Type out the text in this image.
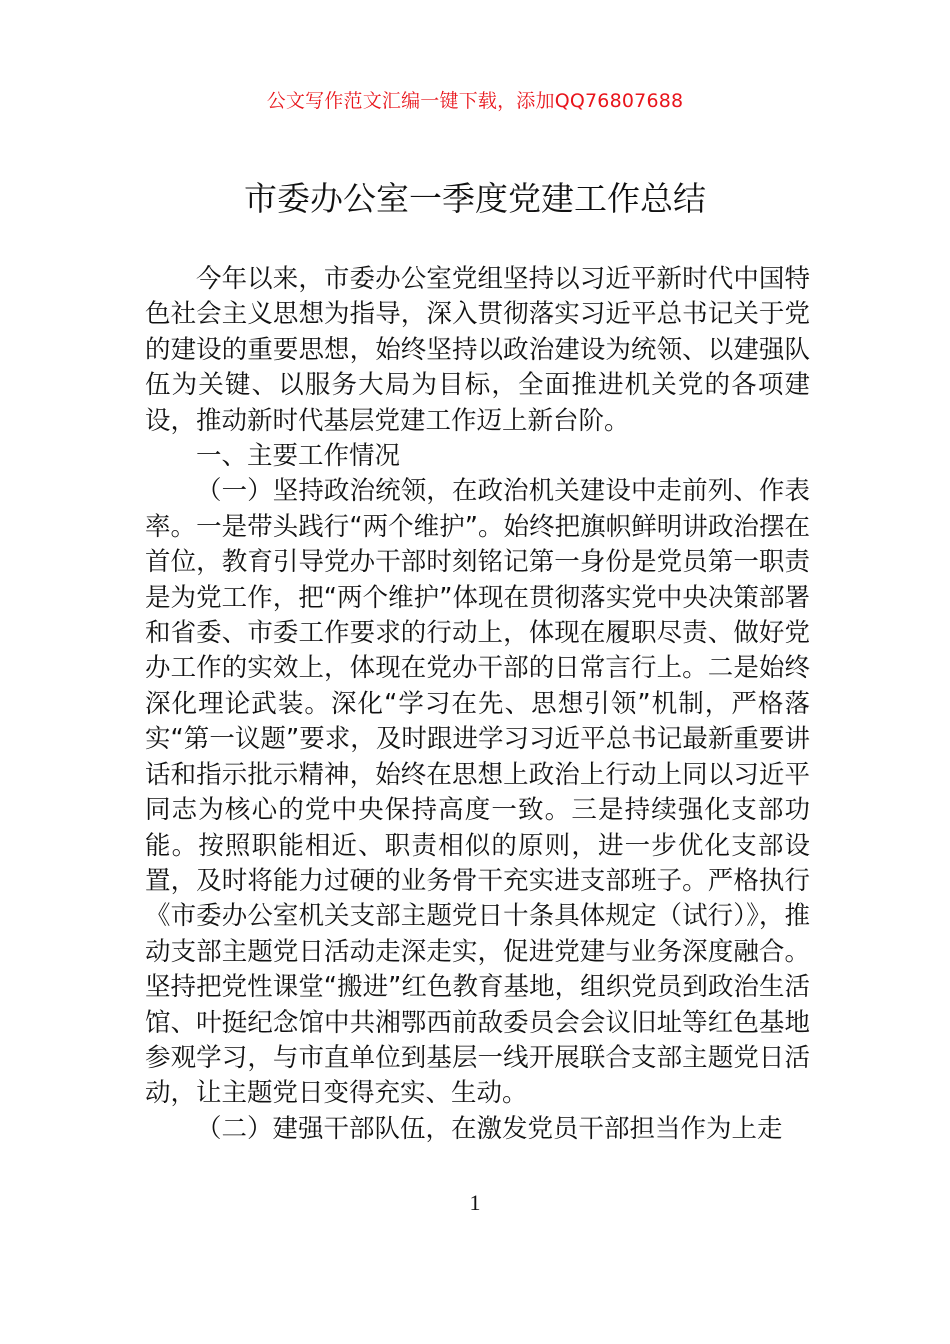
公文写作范文汇编一键下载，添加QQ76807688
市委办公室一季度党建工作总结

今年以来，市委办公室党组坚持以习近平新时代中国特色社会主义思想为指导，深入贯彻落实习近平总书记关于党的建设的重要思想，始终坚持以政治建设为统领、以建强队伍为关键、以服务大局为目标，全面推进机关党的各项建设，推动新时代基层党建工作迈上新台阶。

一、主要工作情况

（一）坚持政治统领，在政治机关建设中走前列、作表率。一是带头践行“两个维护”。始终把旗帜鲜明讲政治摆在首位，教育引导党办干部时刻铭记第一身份是党员第一职责是为党工作，把“两个维护”体现在贯彻落实党中央决策部署和省委、市委工作要求的行动上，体现在履职尽责、做好党办工作的实效上，体现在党办干部的日常言行上。二是始终深化理论武装。深化“学习在先、思想引领”机制，严格落实“第一议题”要求，及时跟进学习习近平总书记最新重要讲话和指示批示精神，始终在思想上政治上行动上同以习近平同志为核心的党中央保持高度一致。三是持续强化支部功能。按照职能相近、职责相似的原则，进一步优化支部设置，及时将能力过硬的业务骨干充实进支部班子。严格执行《市委办公室机关支部主题党日十条具体规定（试行）》，推动支部主题党日活动走深走实，促进党建与业务深度融合。坚持把党性课堂“搬进”红色教育基地，组织党员到政治生活馆、叶挺纪念馆中共湘鄂西前敌委员会会议旧址等红色基地参观学习，与市直单位到基层一线开展联合支部主题党日活动，让主题党日变得充实、生动。

（二）建强干部队伍，在激发党员干部担当作为上走

1
